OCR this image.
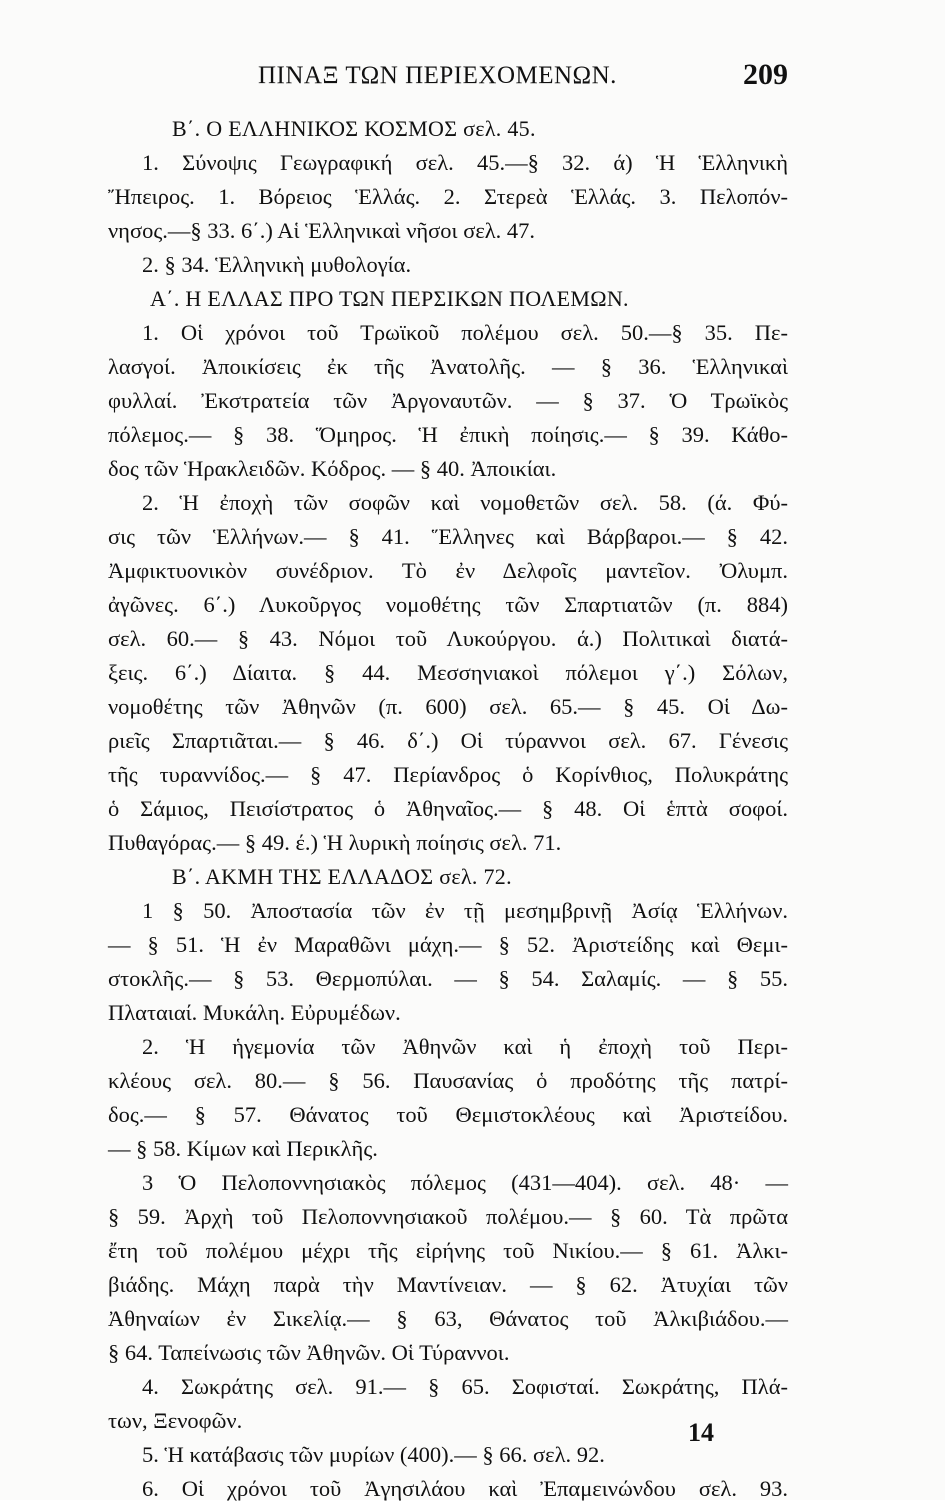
ΠΙΝΑΞ ΤΩΝ ΠΕΡΙΕΧΟΜΕΝΩΝ.	209
Β΄. Ο ΕΛΛΗΝΙΚΟΣ ΚΟΣΜΟΣ σελ. 45.
1. Σύνοψις Γεωγραφική σελ. 45.—§ 32. ά) Ἡ Ἑλληνικὴ
Ἤπειρος. 1. Βόρειος Ἑλλάς. 2. Στερεὰ Ἑλλάς. 3. Πελοπόν-
νησος.—§ 33. 6΄.) Αἱ Ἑλληνικαὶ νῆσοι σελ. 47.
2. § 34. Ἑλληνικὴ μυθολογία.
Α΄. Η ΕΛΛΑΣ ΠΡΟ ΤΩΝ ΠΕΡΣΙΚΩΝ ΠΟΛΕΜΩΝ.
1. Οἱ χρόνοι τοῦ Τρωϊκοῦ πολέμου σελ. 50.—§ 35. Πε-
λασγοί. Ἀποικίσεις ἐκ τῆς Ἀνατολῆς. — § 36. Ἑλληνικαὶ
φυλλαί. Ἐκστρατεία τῶν Ἀργοναυτῶν. — § 37. Ὁ Τρωϊκὸς
πόλεμος.— § 38. Ὅμηρος. Ἡ ἐπικὴ ποίησις.— § 39. Κάθο-
δος τῶν Ἡρακλειδῶν. Κόδρος. — § 40. Ἀποικίαι.
2. Ἡ ἐποχὴ τῶν σοφῶν καὶ νομοθετῶν σελ. 58. (ά. Φύ-
σις τῶν Ἑλλήνων.— § 41. Ἕλληνες καὶ Βάρβαροι.— § 42.
Ἀμφικτυονικὸν συνέδριον. Τὸ ἐν Δελφοῖς μαντεῖον. Ὀλυμπ.
ἀγῶνες. 6΄.) Λυκοῦργος νομοθέτης τῶν Σπαρτιατῶν (π. 884)
σελ. 60.— § 43. Νόμοι τοῦ Λυκούργου. ά.) Πολιτικαὶ διατά-
ξεις. 6΄.) Δίαιτα. § 44. Μεσσηνιακοὶ πόλεμοι γ΄.) Σόλων,
νομοθέτης τῶν Ἀθηνῶν (π. 600) σελ. 65.— § 45. Οἱ Δω-
ριεῖς Σπαρτιᾶται.— § 46. δ΄.) Οἱ τύραννοι σελ. 67. Γένεσις
τῆς τυραννίδος.— § 47. Περίανδρος ὁ Κορίνθιος, Πολυκράτης
ὁ Σάμιος, Πεισίστρατος ὁ Ἀθηναῖος.— § 48. Οἱ ἑπτὰ σοφοί.
Πυθαγόρας.— § 49. έ.) Ἡ λυρικὴ ποίησις σελ. 71.
Β΄. ΑΚΜΗ ΤΗΣ ΕΛΛΑΔΟΣ σελ. 72.
1 § 50. Ἀποστασία τῶν ἐν τῇ μεσημβρινῇ Ἀσίᾳ Ἑλλήνων.
— § 51. Ἡ ἐν Μαραθῶνι μάχη.— § 52. Ἀριστείδης καὶ Θεμι-
στοκλῆς.— § 53. Θερμοπύλαι. — § 54. Σαλαμίς. — § 55.
Πλαταιαί. Μυκάλη. Εὐρυμέδων.
2. Ἡ ἡγεμονία τῶν Ἀθηνῶν καὶ ἡ ἐποχὴ τοῦ Περι-
κλέους σελ. 80.— § 56. Παυσανίας ὁ προδότης τῆς πατρί-
δος.— § 57. Θάνατος τοῦ Θεμιστοκλέους καὶ Ἀριστείδου.
— § 58. Κίμων καὶ Περικλῆς.
3 Ὁ Πελοποννησιακὸς πόλεμος (431—404). σελ. 48· —
§ 59. Ἀρχὴ τοῦ Πελοποννησιακοῦ πολέμου.— § 60. Τὰ πρῶτα
ἔτη τοῦ πολέμου μέχρι τῆς εἰρήνης τοῦ Νικίου.— § 61. Ἀλκι-
βιάδης. Μάχη παρὰ τὴν Μαντίνειαν. — § 62. Ἀτυχίαι τῶν
Ἀθηναίων ἐν Σικελίᾳ.— § 63, Θάνατος τοῦ Ἀλκιβιάδου.—
§ 64. Ταπείνωσις τῶν Ἀθηνῶν. Οἱ Τύραννοι.
4. Σωκράτης σελ. 91.— § 65. Σοφισταί. Σωκράτης, Πλά-
των, Ξενοφῶν.
5. Ἡ κατάβασις τῶν μυρίων (400).— § 66. σελ. 92.
6. Οἱ χρόνοι τοῦ Ἀγησιλάου καὶ Ἐπαμεινώνδου σελ. 93.
14
